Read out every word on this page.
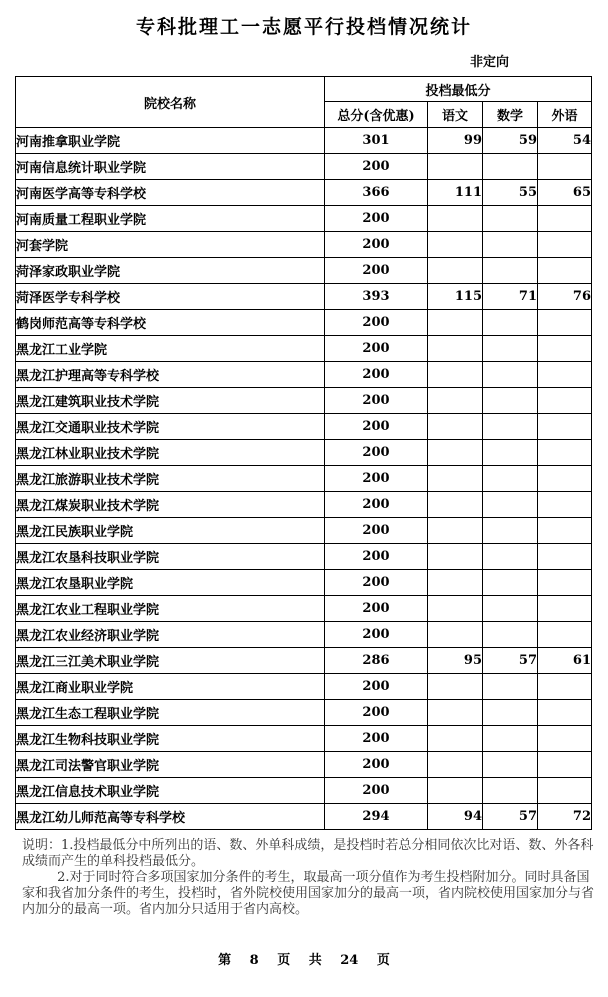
专科批理工一志愿平行投档情况统计
非定向
院校名称	投档最低分			
	总分(含优惠)	语文	数学	外语
河南推拿职业学院	301	99	59	54
河南信息统计职业学院	200			
河南医学高等专科学校	366	111	55	65
河南质量工程职业学院	200			
河套学院	200			
菏泽家政职业学院	200			
菏泽医学专科学校	393	115	71	76
鹤岗师范高等专科学校	200			
黑龙江工业学院	200			
黑龙江护理高等专科学校	200			
黑龙江建筑职业技术学院	200			
黑龙江交通职业技术学院	200			
黑龙江林业职业技术学院	200			
黑龙江旅游职业技术学院	200			
黑龙江煤炭职业技术学院	200			
黑龙江民族职业学院	200			
黑龙江农垦科技职业学院	200			
黑龙江农垦职业学院	200			
黑龙江农业工程职业学院	200			
黑龙江农业经济职业学院	200			
黑龙江三江美术职业学院	286	95	57	61
黑龙江商业职业学院	200			
黑龙江生态工程职业学院	200			
黑龙江生物科技职业学院	200			
黑龙江司法警官职业学院	200			
黑龙江信息技术职业学院	200			
黑龙江幼儿师范高等专科学校	294	94	57	72

说明：1.投档最低分中所列出的语、数、外单科成绩，是投档时若总分相同依次比对语、数、外各科成绩而产生的单科投档最低分。

2.对于同时符合多项国家加分条件的考生，取最高一项分值作为考生投档附加分。同时具备国家和我省加分条件的考生，投档时，省外院校使用国家加分的最高一项，省内院校使用国家加分与省内加分的最高一项。省内加分只适用于省内高校。

第 8 页 共 24 页
